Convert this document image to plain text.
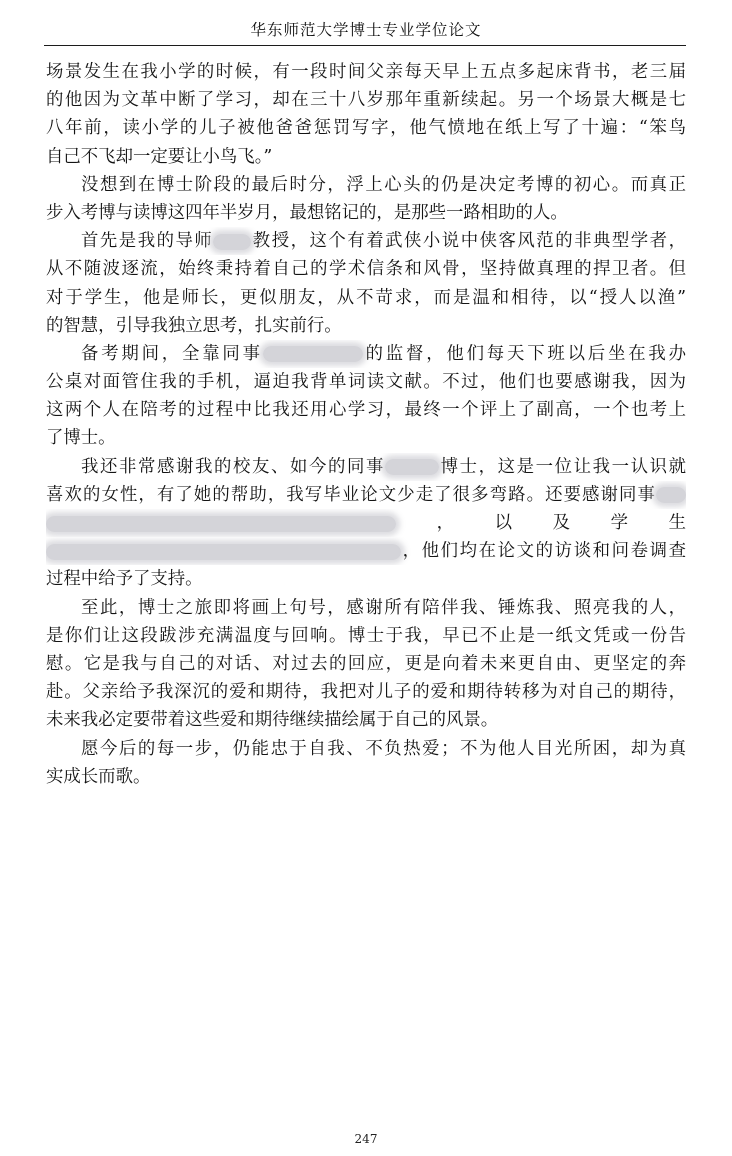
华东师范大学博士专业学位论文
场景发生在我小学的时候，有一段时间父亲每天早上五点多起床背书，老三届
的他因为文革中断了学习，却在三十八岁那年重新续起。另一个场景大概是七
八年前，读小学的儿子被他爸爸惩罚写字，他气愤地在纸上写了十遍：“笨鸟
自己不飞却一定要让小鸟飞。”
没想到在博士阶段的最后时分，浮上心头的仍是决定考博的初心。而真正
步入考博与读博这四年半岁月，最想铭记的，是那些一路相助的人。
首先是我的导师 教授，这个有着武侠小说中侠客风范的非典型学者，
从不随波逐流，始终秉持着自己的学术信条和风骨，坚持做真理的捍卫者。但
对于学生，他是师长，更似朋友，从不苛求，而是温和相待，以“授人以渔”
的智慧，引导我独立思考，扎实前行。
备考期间，全靠同事	的监督，他们每天下班以后坐在我办
公桌对面管住我的手机，逼迫我背单词读文献。不过，他们也要感谢我，因为
这两个人在陪考的过程中比我还用心学习，最终一个评上了副高，一个也考上
了博士。
我还非常感谢我的校友、如今的同事	博士，这是一位让我一认识就
喜欢的女性，有了她的帮助，我写毕业论文少走了很多弯路。还要感谢同事
，以及学生
，他们均在论文的访谈和问卷调查
过程中给予了支持。
至此，博士之旅即将画上句号，感谢所有陪伴我、锤炼我、照亮我的人，
是你们让这段跋涉充满温度与回响。博士于我，早已不止是一纸文凭或一份告
慰。它是我与自己的对话、对过去的回应，更是向着未来更自由、更坚定的奔
赴。父亲给予我深沉的爱和期待，我把对儿子的爱和期待转移为对自己的期待，
未来我必定要带着这些爱和期待继续描绘属于自己的风景。
愿今后的每一步，仍能忠于自我、不负热爱；不为他人目光所困，却为真
实成长而歌。
247
